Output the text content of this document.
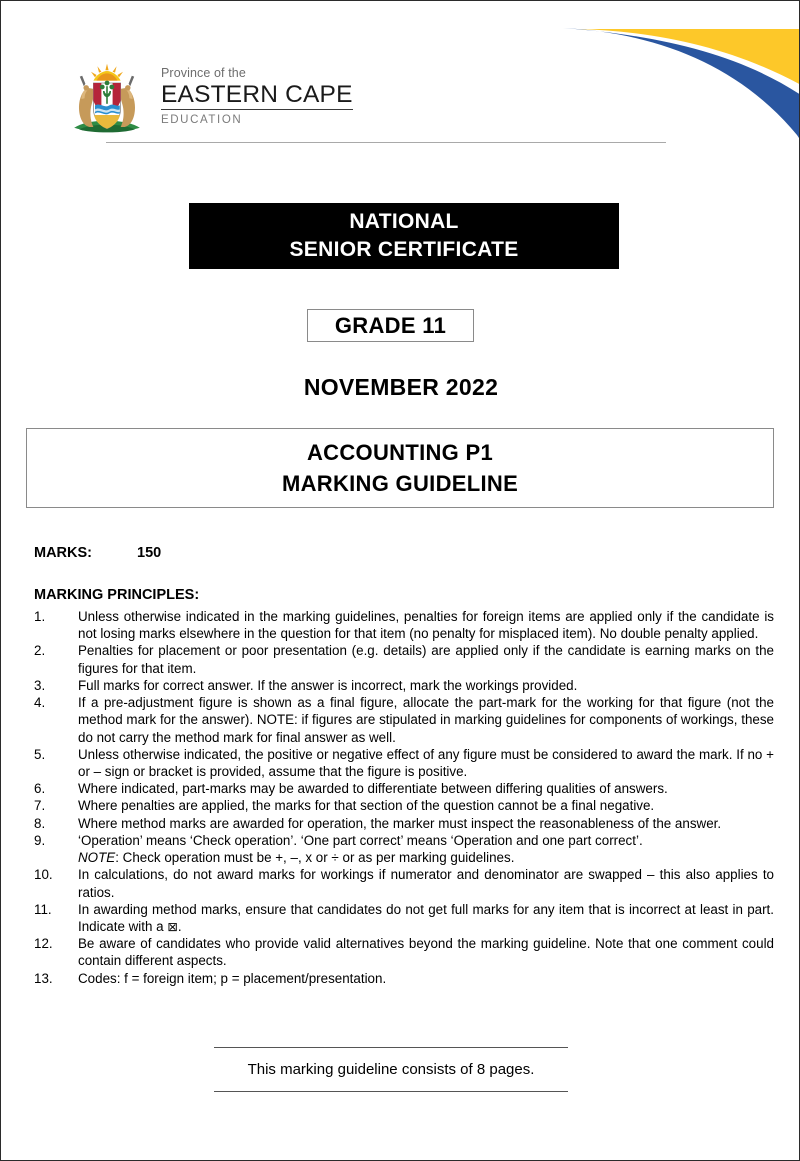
Province of the
EASTERN CAPE
EDUCATION
NATIONAL
SENIOR CERTIFICATE
GRADE 11
NOVEMBER 2022
ACCOUNTING P1
MARKING GUIDELINE
MARKS:	150
MARKING PRINCIPLES:
1.	Unless otherwise indicated in the marking guidelines, penalties for foreign items are applied only if the candidate is not losing marks elsewhere in the question for that item (no penalty for misplaced item). No double penalty applied.
2.	Penalties for placement or poor presentation (e.g. details) are applied only if the candidate is earning marks on the figures for that item.
3.	Full marks for correct answer. If the answer is incorrect, mark the workings provided.
4.	If a pre-adjustment figure is shown as a final figure, allocate the part-mark for the working for that figure (not the method mark for the answer). NOTE: if figures are stipulated in marking guidelines for components of workings, these do not carry the method mark for final answer as well.
5.	Unless otherwise indicated, the positive or negative effect of any figure must be considered to award the mark. If no + or – sign or bracket is provided, assume that the figure is positive.
6.	Where indicated, part-marks may be awarded to differentiate between differing qualities of answers.
7.	Where penalties are applied, the marks for that section of the question cannot be a final negative.
8.	Where method marks are awarded for operation, the marker must inspect the reasonableness of the answer.
9.	‘Operation’ means ‘Check operation’. ‘One part correct’ means ‘Operation and one part correct’.
NOTE: Check operation must be +, –, x or ÷ or as per marking guidelines.
10.	In calculations, do not award marks for workings if numerator and denominator are swapped – this also applies to ratios.
11.	In awarding method marks, ensure that candidates do not get full marks for any item that is incorrect at least in part. Indicate with a ⊠.
12.	Be aware of candidates who provide valid alternatives beyond the marking guideline. Note that one comment could contain different aspects.
13.	Codes: f = foreign item; p = placement/presentation.
This marking guideline consists of 8 pages.
